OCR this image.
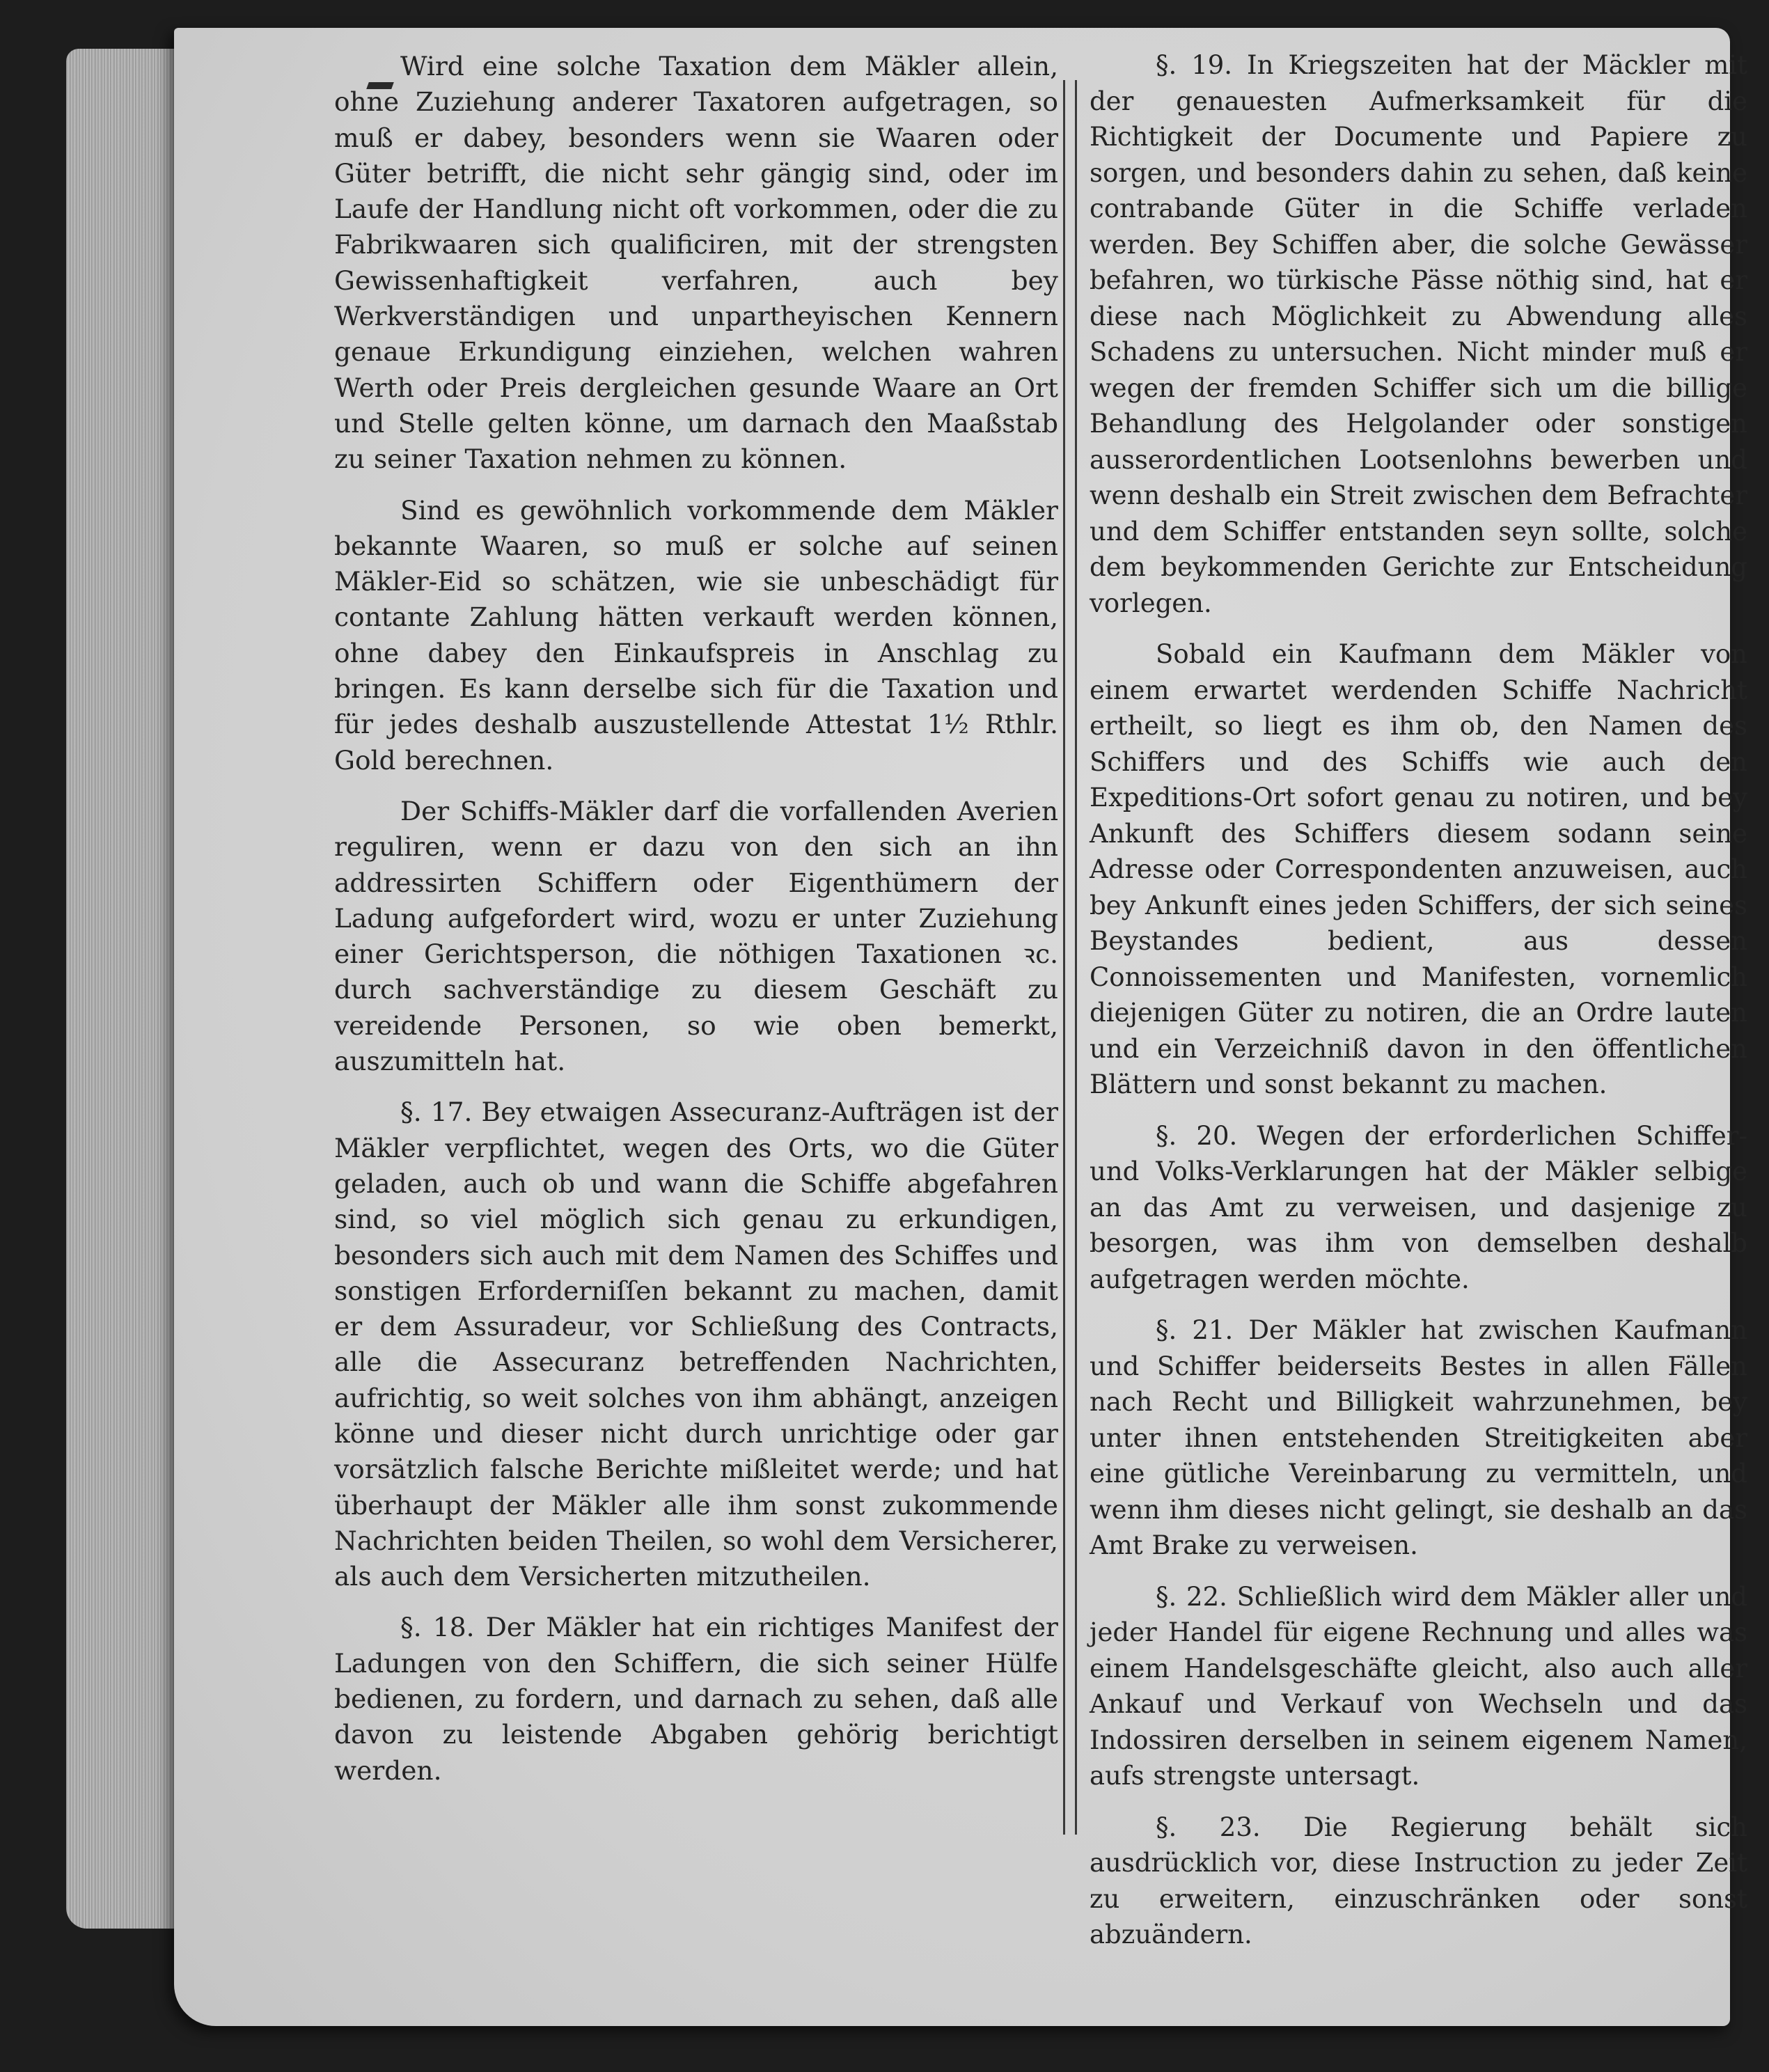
Wird eine solche Taxation dem Mäkler allein, ohne Zuziehung anderer Taxatoren aufgetragen, so muß er dabey, besonders wenn sie Waaren oder Güter betrifft, die nicht sehr gängig sind, oder im Laufe der Handlung nicht oft vorkommen, oder die zu Fabrikwaaren sich qualificiren, mit der strengsten Gewissenhaftigkeit verfahren, auch bey Werkverständigen und unpartheyischen Kennern genaue Erkundigung einziehen, welchen wahren Werth oder Preis dergleichen gesunde Waare an Ort und Stelle gelten könne, um darnach den Maaßstab zu seiner Taxation nehmen zu können.

Sind es gewöhnlich vorkommende dem Mäkler bekannte Waaren, so muß er solche auf seinen Mäkler-Eid so schätzen, wie sie unbeschädigt für contante Zahlung hätten verkauft werden können, ohne dabey den Einkaufspreis in Anschlag zu bringen. Es kann derselbe sich für die Taxation und für jedes deshalb auszustellende Attestat 1½ Rthlr. Gold berechnen.

Der Schiffs-Mäkler darf die vorfallenden Averien reguliren, wenn er dazu von den sich an ihn addressirten Schiffern oder Eigenthümern der Ladung aufgefordert wird, wozu er unter Zuziehung einer Gerichtsperson, die nöthigen Taxationen ꝛc. durch sachverständige zu diesem Geschäft zu vereidende Personen, so wie oben bemerkt, auszumitteln hat.

§. 17. Bey etwaigen Assecuranz-Aufträgen ist der Mäkler verpflichtet, wegen des Orts, wo die Güter geladen, auch ob und wann die Schiffe abgefahren sind, so viel möglich sich genau zu erkundigen, besonders sich auch mit dem Namen des Schiffes und sonstigen Erforderniſſen bekannt zu machen, damit er dem Assuradeur, vor Schließung des Contracts, alle die Assecuranz betreffenden Nachrichten, aufrichtig, so weit solches von ihm abhängt, anzeigen könne und dieser nicht durch unrichtige oder gar vorsätzlich falsche Berichte mißleitet werde; und hat überhaupt der Mäkler alle ihm sonst zukommende Nachrichten beiden Theilen, so wohl dem Versicherer, als auch dem Versicherten mitzutheilen.

§. 18. Der Mäkler hat ein richtiges Manifest der Ladungen von den Schiffern, die sich seiner Hülfe bedienen, zu fordern, und darnach zu sehen, daß alle davon zu leistende Abgaben gehörig berichtigt werden.

§. 19. In Kriegszeiten hat der Mäckler mit der genauesten Aufmerksamkeit für die Richtigkeit der Documente und Papiere zu sorgen, und besonders dahin zu sehen, daß keine contrabande Güter in die Schiffe verladen werden. Bey Schiffen aber, die solche Gewässer befahren, wo türkische Pässe nöthig sind, hat er diese nach Möglichkeit zu Abwendung alles Schadens zu untersuchen. Nicht minder muß er wegen der fremden Schiffer sich um die billige Behandlung des Helgolander oder sonstigen ausserordentlichen Lootsenlohns bewerben und wenn deshalb ein Streit zwischen dem Befrachter und dem Schiffer entstanden seyn sollte, solche dem beykommenden Gerichte zur Entscheidung vorlegen.

Sobald ein Kaufmann dem Mäkler von einem erwartet werdenden Schiffe Nachricht ertheilt, so liegt es ihm ob, den Namen des Schiffers und des Schiffs wie auch den Expeditions-Ort sofort genau zu notiren, und bey Ankunft des Schiffers diesem sodann seine Adresse oder Correspondenten anzuweisen, auch bey Ankunft eines jeden Schiffers, der sich seines Beystandes bedient, aus dessen Connoissementen und Manifesten, vornemlich diejenigen Güter zu notiren, die an Ordre lauten und ein Verzeichniß davon in den öffentlichen Blättern und sonst bekannt zu machen.

§. 20. Wegen der erforderlichen Schiffer- und Volks-Verklarungen hat der Mäkler selbige an das Amt zu verweisen, und dasjenige zu besorgen, was ihm von demselben deshalb aufgetragen werden möchte.

§. 21. Der Mäkler hat zwischen Kaufmann und Schiffer beiderseits Bestes in allen Fällen nach Recht und Billigkeit wahrzunehmen, bey unter ihnen entstehenden Streitigkeiten aber eine gütliche Vereinbarung zu vermitteln, und wenn ihm dieses nicht gelingt, sie deshalb an das Amt Brake zu verweisen.

§. 22. Schließlich wird dem Mäkler aller und jeder Handel für eigene Rechnung und alles was einem Handelsgeschäfte gleicht, also auch aller Ankauf und Verkauf von Wechseln und das Indossiren derselben in seinem eigenem Namen, aufs strengste untersagt.

§. 23. Die Regierung behält sich ausdrücklich vor, diese Instruction zu jeder Zeit zu erweitern, einzuschränken oder sonst abzuändern.
